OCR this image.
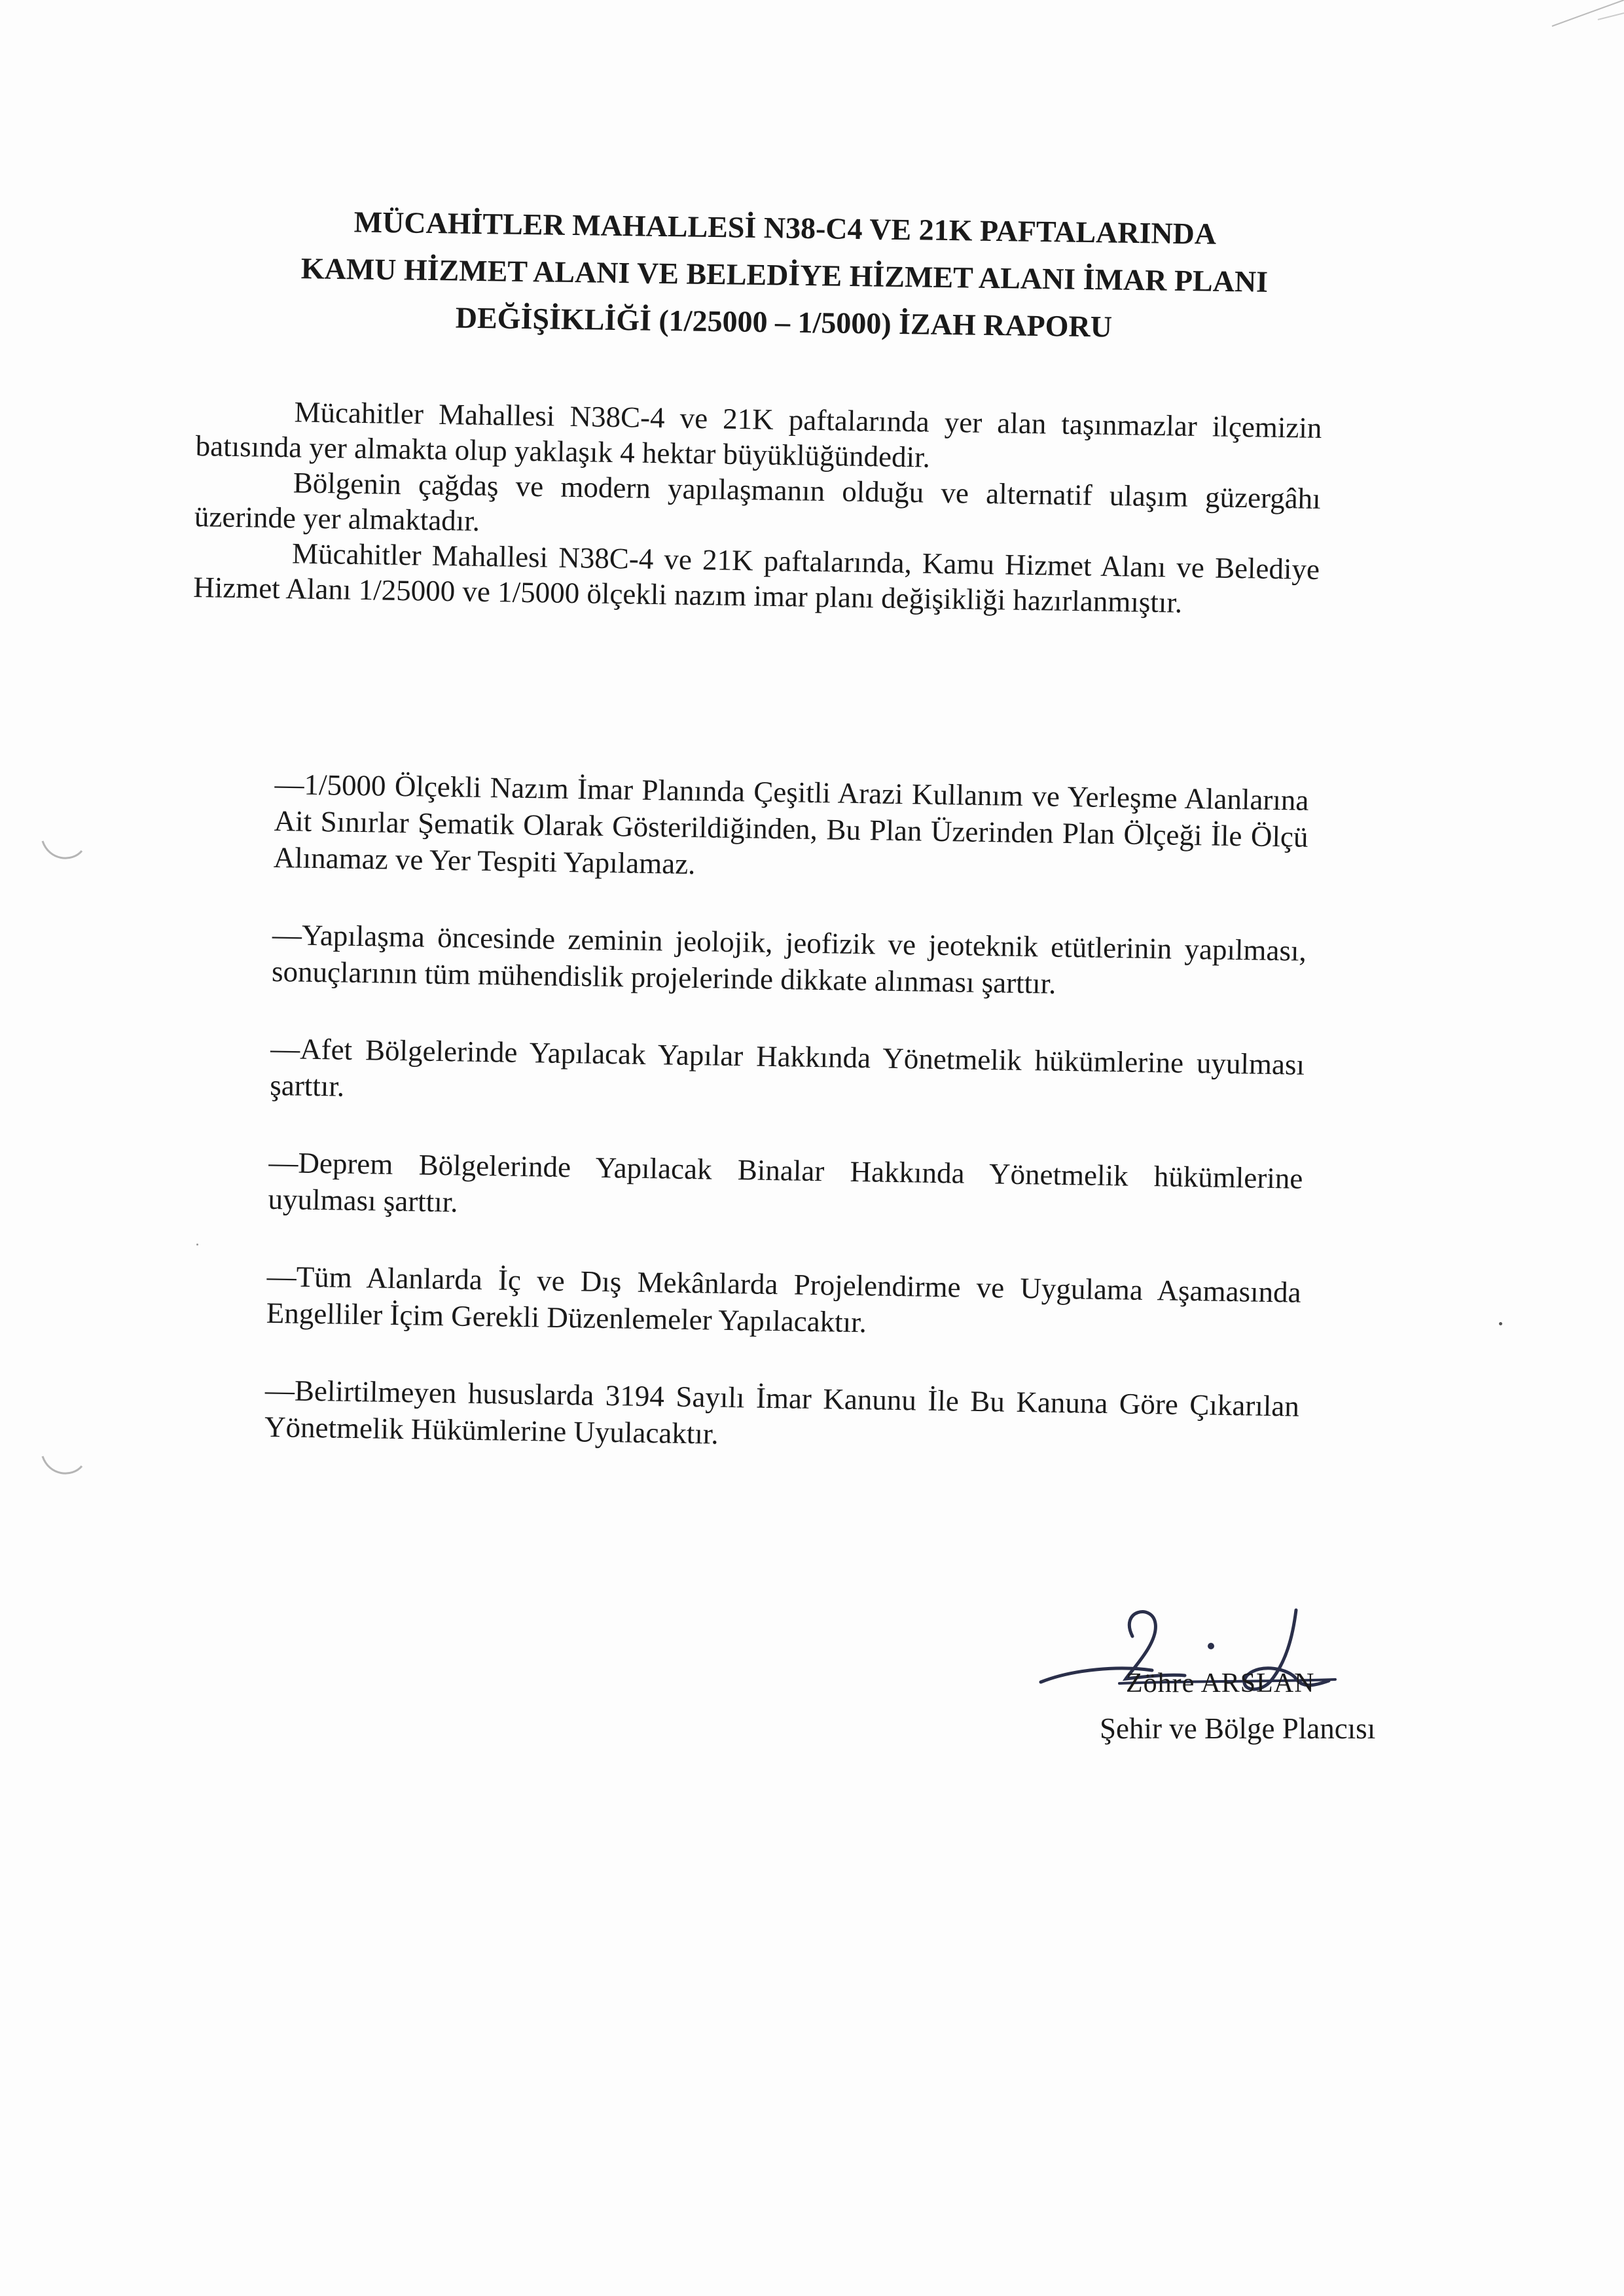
MÜCAHİTLER MAHALLESİ N38-C4 VE 21K PAFTALARINDA
KAMU HİZMET ALANI VE BELEDİYE HİZMET ALANI İMAR PLANI
DEĞİŞİKLİĞİ (1/25000 – 1/5000) İZAH RAPORU

Mücahitler Mahallesi N38C-4 ve 21K paftalarında yer alan taşınmazlar ilçemizin batısında yer almakta olup yaklaşık 4 hektar büyüklüğündedir.

Bölgenin çağdaş ve modern yapılaşmanın olduğu ve alternatif ulaşım güzergâhı üzerinde yer almaktadır.

Mücahitler Mahallesi N38C-4 ve 21K paftalarında, Kamu Hizmet Alanı ve Belediye Hizmet Alanı 1/25000 ve 1/5000 ölçekli nazım imar planı değişikliği hazırlanmıştır.

—1/5000 Ölçekli Nazım İmar Planında Çeşitli Arazi Kullanım ve Yerleşme Alanlarına Ait Sınırlar Şematik Olarak Gösterildiğinden, Bu Plan Üzerinden Plan Ölçeği İle Ölçü Alınamaz ve Yer Tespiti Yapılamaz.

—Yapılaşma öncesinde zeminin jeolojik, jeofizik ve jeoteknik etütlerinin yapılması, sonuçlarının tüm mühendislik projelerinde dikkate alınması şarttır.

—Afet Bölgelerinde Yapılacak Yapılar Hakkında Yönetmelik hükümlerine uyulması şarttır.

—Deprem Bölgelerinde Yapılacak Binalar Hakkında Yönetmelik hükümlerine uyulması şarttır.

—Tüm Alanlarda İç ve Dış Mekânlarda Projelendirme ve Uygulama Aşamasında Engelliler İçim Gerekli Düzenlemeler Yapılacaktır.

—Belirtilmeyen hususlarda 3194 Sayılı İmar Kanunu İle Bu Kanuna Göre Çıkarılan Yönetmelik Hükümlerine Uyulacaktır.

Zöhre ARSLAN
Şehir ve Bölge Plancısı
